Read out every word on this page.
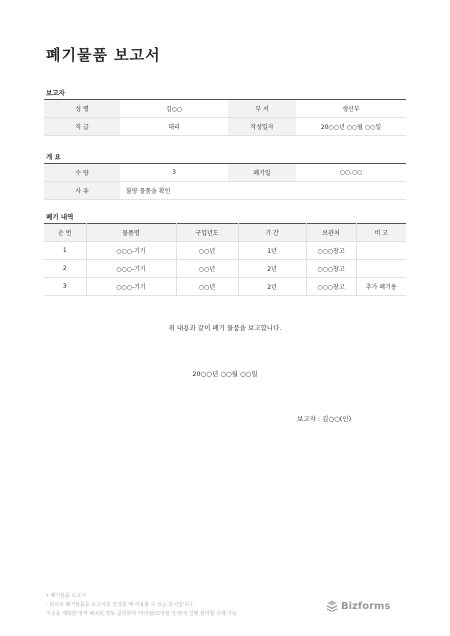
폐기물품 보고서
보고자
성 명	김○○	부 서	생산부
직 급	대리	작성일자	20○○년 ○○월 ○○일
개 요
수 량	3	폐기일	○○.○○
사 유	불량 물품을 확인		
폐기 내역
순 번	물품명	구입년도	기 간	보관처	비 고
1	○○○-기기	○○년	1년	○○○창고	
2	○○○-기기	○○년	2년	○○○창고	
3	○○○-기기	○○년	2년	○○○창고	추가 폐기용
위 내용과 같이 폐기 물품을 보고합니다.
20○○년 ○○월 ○○일
보고자 : 김○○(인)
• 폐기물품 보고서
- 회사의 폐기물품을 보고서를 작성할 때 사용할 수 있는 문서입니다.
이곳을 제외한 영역 배치된 정보 클릭하여 '머리말/꼬리말 삭제'에 진행 관리할 삭제 가능
Bizforms
